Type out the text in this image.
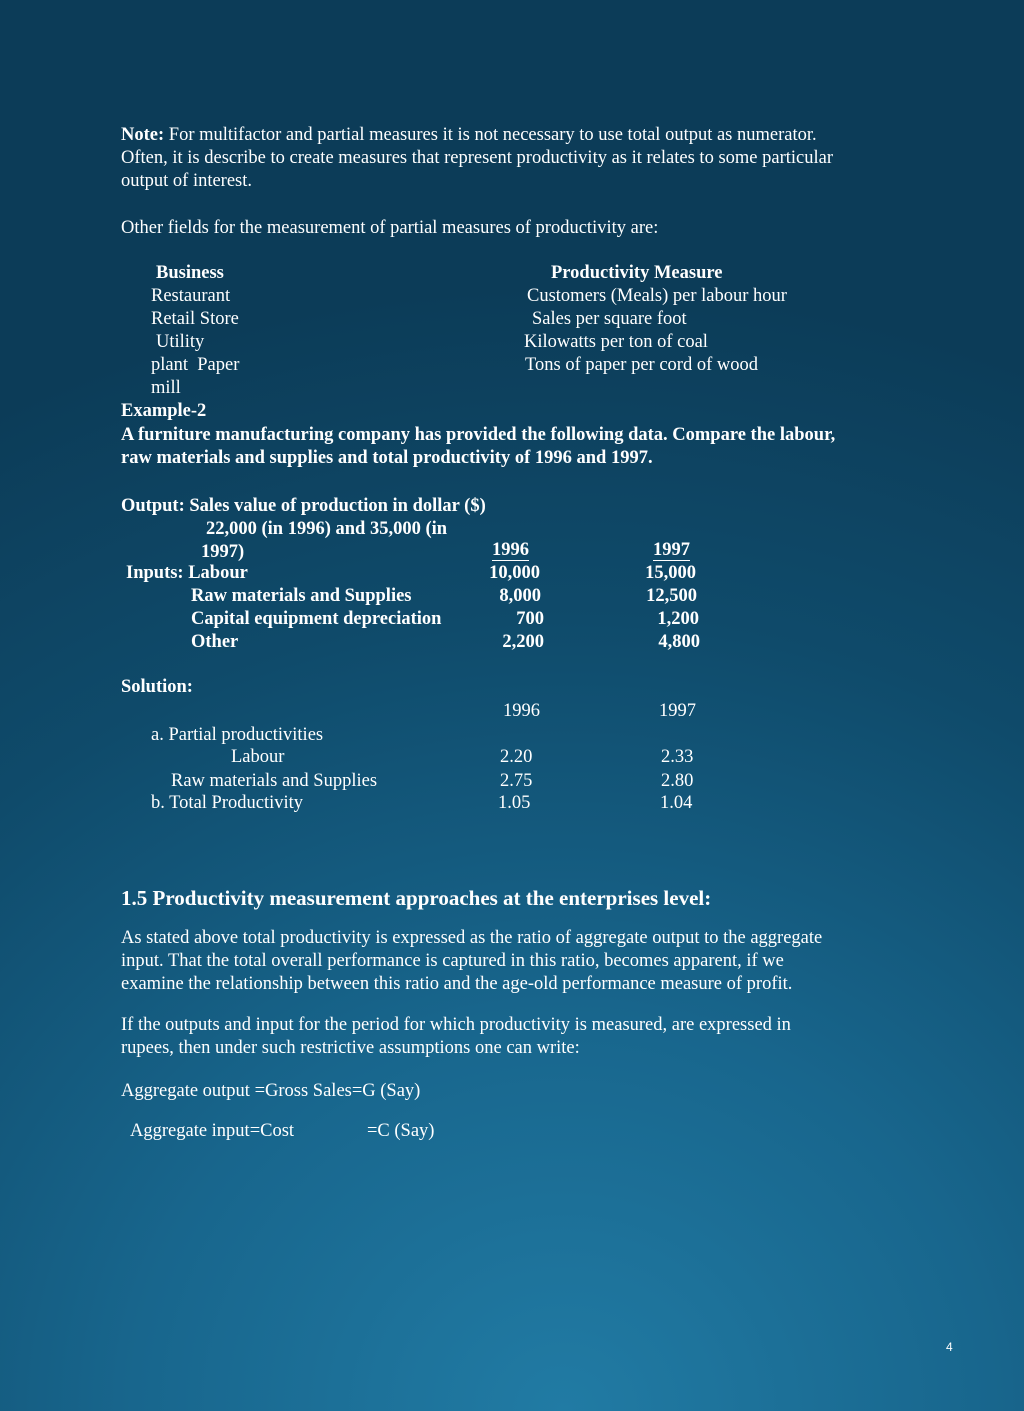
Note: For multifactor and partial measures it is not necessary to use total output as numerator.
Often, it is describe to create measures that represent productivity as it relates to some particular
output of interest.
Other fields for the measurement of partial measures of productivity are:
Business	Productivity Measure
Restaurant	Customers (Meals) per labour hour
Retail Store	Sales per square foot
Utility	Kilowatts per ton of coal
plant  Paper	Tons of paper per cord of wood
mill
Example-2
A furniture manufacturing company has provided the following data. Compare the labour,
raw materials and supplies and total productivity of 1996 and 1997.
Output: Sales value of production in dollar ($)
22,000 (in 1996) and 35,000 (in
1997)	1996	1997
Inputs: Labour	10,000	15,000
Raw materials and Supplies	8,000	12,500
Capital equipment depreciation	700	1,200
Other	2,200	4,800
Solution:
1996	1997
a. Partial productivities
Labour	2.20	2.33
Raw materials and Supplies	2.75	2.80
b. Total Productivity	1.05	1.04
1.5 Productivity measurement approaches at the enterprises level:
As stated above total productivity is expressed as the ratio of aggregate output to the aggregate
input. That the total overall performance is captured in this ratio, becomes apparent, if we
examine the relationship between this ratio and the age-old performance measure of profit.
If the outputs and input for the period for which productivity is measured, are expressed in
rupees, then under such restrictive assumptions one can write:
Aggregate output =Gross Sales=G (Say)
Aggregate input=Cost	=C (Say)
4
